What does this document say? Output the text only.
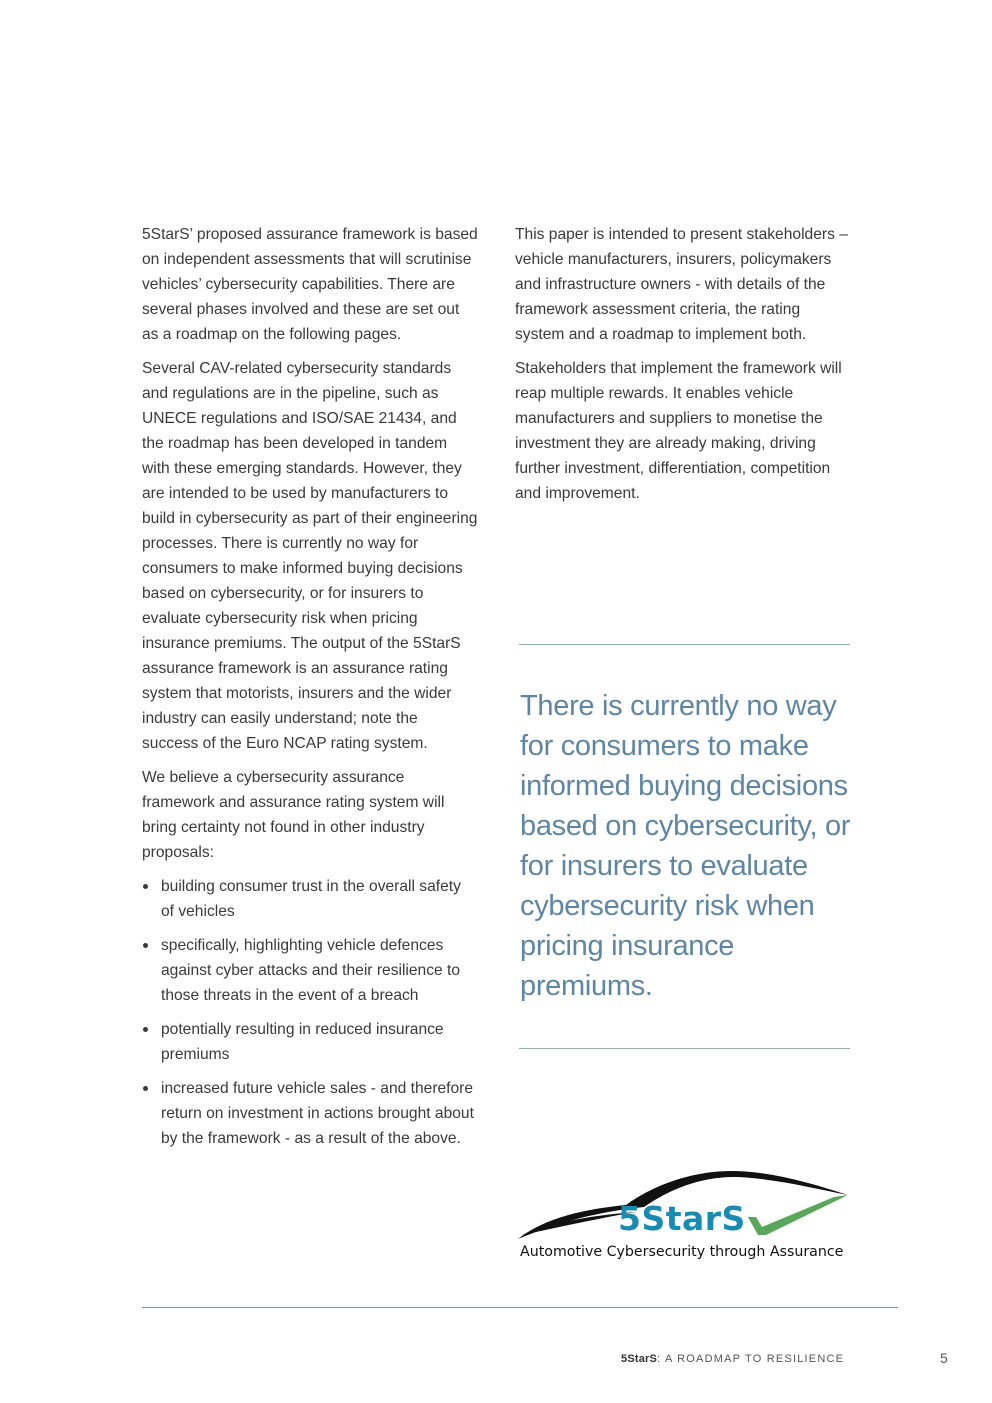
5StarS’ proposed assurance framework is based on independent assessments that will scrutinise vehicles’ cybersecurity capabilities. There are several phases involved and these are set out as a roadmap on the following pages.

Several CAV-related cybersecurity standards and regulations are in the pipeline, such as UNECE regulations and ISO/SAE 21434, and the roadmap has been developed in tandem with these emerging standards. However, they are intended to be used by manufacturers to build in cybersecurity as part of their engineering processes. There is currently no way for consumers to make informed buying decisions based on cybersecurity, or for insurers to evaluate cybersecurity risk when pricing insurance premiums. The output of the 5StarS assurance framework is an assurance rating system that motorists, insurers and the wider industry can easily understand; note the success of the Euro NCAP rating system.

We believe a cybersecurity assurance framework and assurance rating system will bring certainty not found in other industry proposals:

building consumer trust in the overall safety of vehicles
specifically, highlighting vehicle defences against cyber attacks and their resilience to those threats in the event of a breach
potentially resulting in reduced insurance premiums
increased future vehicle sales - and therefore return on investment in actions brought about by the framework - as a result of the above.

This paper is intended to present stakeholders – vehicle manufacturers, insurers, policymakers and infrastructure owners - with details of the framework assessment criteria, the rating system and a roadmap to implement both.

Stakeholders that implement the framework will reap multiple rewards. It enables vehicle manufacturers and suppliers to monetise the investment they are already making, driving further investment, differentiation, competition and improvement.

There is currently no way for consumers to make informed buying decisions based on cybersecurity, or for insurers to evaluate cybersecurity risk when pricing insurance premiums.
5StarS
Automotive Cybersecurity through Assurance
5StarS: A ROADMAP TO RESILIENCE	5
